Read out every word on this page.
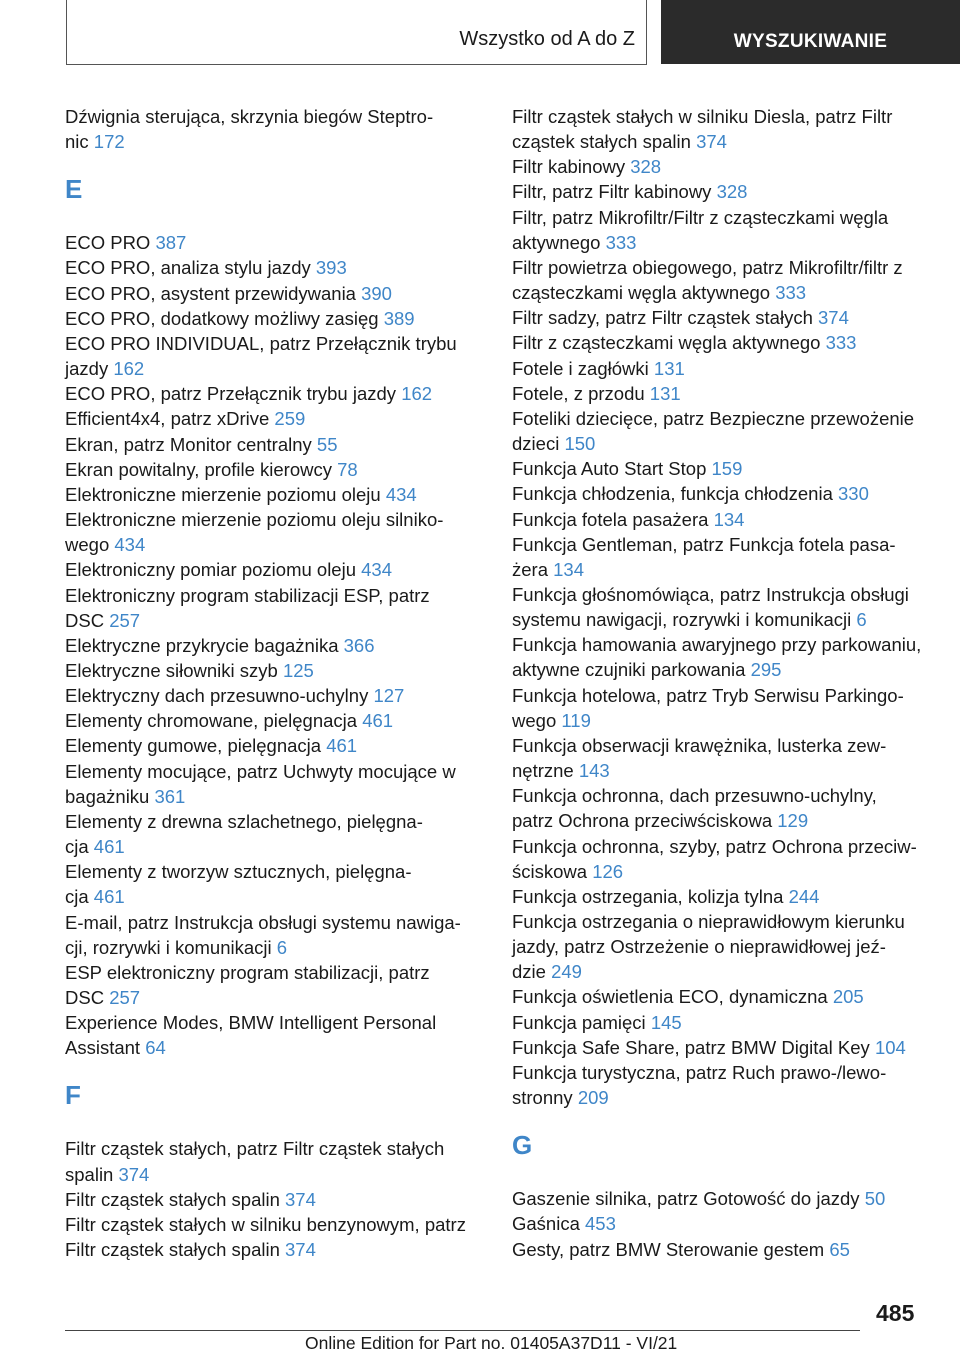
Wszystko od A do Z	WYSZUKIWANIE
Dźwignia sterująca, skrzynia biegów Steptro-
nic 172
E
ECO PRO 387
ECO PRO, analiza stylu jazdy 393
ECO PRO, asystent przewidywania 390
ECO PRO, dodatkowy możliwy zasięg 389
ECO PRO INDIVIDUAL, patrz Przełącznik trybu
jazdy 162
ECO PRO, patrz Przełącznik trybu jazdy 162
Efficient4x4, patrz xDrive 259
Ekran, patrz Monitor centralny 55
Ekran powitalny, profile kierowcy 78
Elektroniczne mierzenie poziomu oleju 434
Elektroniczne mierzenie poziomu oleju silniko-
wego 434
Elektroniczny pomiar poziomu oleju 434
Elektroniczny program stabilizacji ESP, patrz
DSC 257
Elektryczne przykrycie bagażnika 366
Elektryczne siłowniki szyb 125
Elektryczny dach przesuwno-uchylny 127
Elementy chromowane, pielęgnacja 461
Elementy gumowe, pielęgnacja 461
Elementy mocujące, patrz Uchwyty mocujące w
bagażniku 361
Elementy z drewna szlachetnego, pielęgna-
cja 461
Elementy z tworzyw sztucznych, pielęgna-
cja 461
E-mail, patrz Instrukcja obsługi systemu nawiga-
cji, rozrywki i komunikacji 6
ESP elektroniczny program stabilizacji, patrz
DSC 257
Experience Modes, BMW Intelligent Personal
Assistant 64
F
Filtr cząstek stałych, patrz Filtr cząstek stałych
spalin 374
Filtr cząstek stałych spalin 374
Filtr cząstek stałych w silniku benzynowym, patrz
Filtr cząstek stałych spalin 374
Filtr cząstek stałych w silniku Diesla, patrz Filtr
cząstek stałych spalin 374
Filtr kabinowy 328
Filtr, patrz Filtr kabinowy 328
Filtr, patrz Mikrofiltr/Filtr z cząsteczkami węgla
aktywnego 333
Filtr powietrza obiegowego, patrz Mikrofiltr/filtr z
cząsteczkami węgla aktywnego 333
Filtr sadzy, patrz Filtr cząstek stałych 374
Filtr z cząsteczkami węgla aktywnego 333
Fotele i zagłówki 131
Fotele, z przodu 131
Foteliki dziecięce, patrz Bezpieczne przewożenie
dzieci 150
Funkcja Auto Start Stop 159
Funkcja chłodzenia, funkcja chłodzenia 330
Funkcja fotela pasażera 134
Funkcja Gentleman, patrz Funkcja fotela pasa-
żera 134
Funkcja głośnomówiąca, patrz Instrukcja obsługi
systemu nawigacji, rozrywki i komunikacji 6
Funkcja hamowania awaryjnego przy parkowaniu,
aktywne czujniki parkowania 295
Funkcja hotelowa, patrz Tryb Serwisu Parkingo-
wego 119
Funkcja obserwacji krawężnika, lusterka zew-
nętrzne 143
Funkcja ochronna, dach przesuwno-uchylny,
patrz Ochrona przeciwściskowa 129
Funkcja ochronna, szyby, patrz Ochrona przeciw-
ściskowa 126
Funkcja ostrzegania, kolizja tylna 244
Funkcja ostrzegania o nieprawidłowym kierunku
jazdy, patrz Ostrzeżenie o nieprawidłowej jeź-
dzie 249
Funkcja oświetlenia ECO, dynamiczna 205
Funkcja pamięci 145
Funkcja Safe Share, patrz BMW Digital Key 104
Funkcja turystyczna, patrz Ruch prawo-/lewo-
stronny 209
G
Gaszenie silnika, patrz Gotowość do jazdy 50
Gaśnica 453
Gesty, patrz BMW Sterowanie gestem 65
485
Online Edition for Part no. 01405A37D11 - VI/21
